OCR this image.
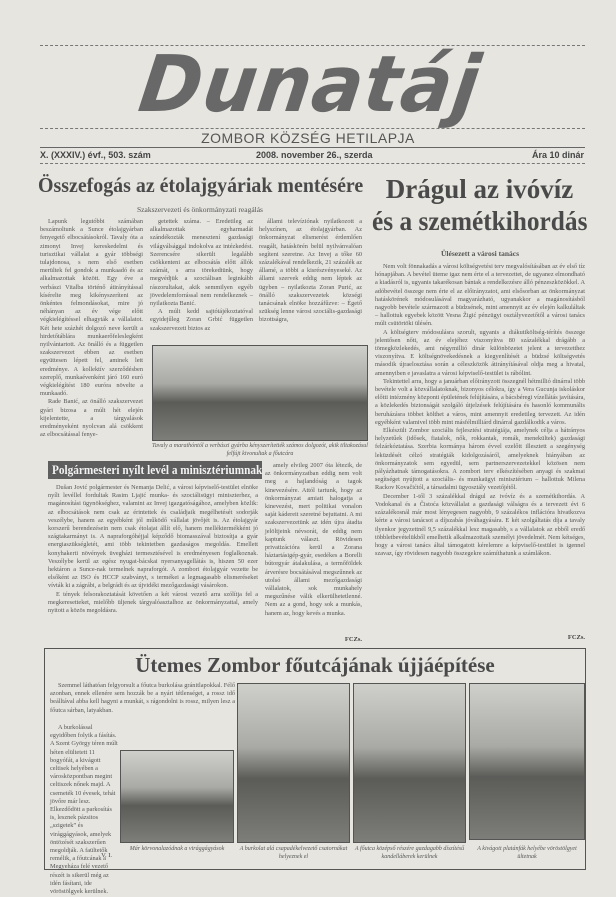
Dunatáj
ZOMBOR KÖZSÉG HETILAPJA
X. (XXXIV.) évf., 503. szám	2008. november 26., szerda	Ára 10 dinár
Összefogás az étolajgyáriak mentésére
Szakszervezeti és önkormányzati reagálás

Lapunk legutóbbi számában beszámoltunk a Sunce étolajgyárban fenyegető elbocsátásokról. Tavaly óta a zimonyi Invej kereskedelmi és turisztikai vállalat a gyár többségi tulajdonosa, s nem első esetben merültek fel gondok a munkaadó és az alkalmazottak között. Egy éve a verbászi Vitalba történő átirányítással kísérelte meg kikényszeríteni az önkéntes felmondásokat, mire jó néhányan az év vége előtt végkielégítéssel elhagyták a vállalatot. Két hete százhét dolgozó neve került a hirdetőtáblára munkaerőfeleslegként nyilvántartott. Az önálló és a független szakszervezet ebben az esetben együttesen lépett fel, aminek lett eredménye. A kollektív szerződésben szereplő, munkaévenként járó 160 euró végkielégítést 180 euróra növelte a munkaadó.

Rade Banić, az önálló szakszervezet gyári bizosa a múlt hét elején kijelentette, a tárgyalások eredményeként nyolcvan alá csökkent az elbocsátással fenye-

getettek száma. – Eredetileg az alkalmazottak egyharmadát szándékozták menesztení gazdasági világválsággal indokolva az intézkedést. Szerencsére sikerült legalább csökkenteni az elbocsátás előtt állók számát, s arra törekedtünk, hogy megvédjük a szociálisan leginkább rászorultakat, akik semmilyen egyéb jövedelemforrással nem rendelkeznek – nyilatkozta Banić.

A múlt kedd sajtótájékoztatóval egyidejűleg Zoran Grbić független szakszervezeti biztos az

állami televíziónak nyilatkozott a helyszínen, az étolajgyárban. Az önkormányzat elismerést érdemlően reagált, hatáskörén belül nyilvánvalóan segíteni szeretne. Az Invej a tőke 60 százalékával rendelkezik, 21 százalék az államé, a többi a kisrészvényeseké. Az állami szervek eddig nem léptek az ügyben – nyilatkozta Zoran Purić, az önálló szakszervezetek községi tanácsának elnöke hozzáfűzve: – Égető szükség lenne városi szociális-gazdasági bizottságra,

Tavaly a marathóntól a verbászi gyárba kényszerítették számos dolgozót, akik tiltakozásul felfújt kivonultak a főutcára
Polgármesteri nyílt levél a minisztériumnak

Dušan Jović polgármester és Nemanja Delić, a városi képviselő-testület elnöke nyílt levéllel fordultak Rasim Ljajić munka- és szociálisügyi miniszterhez, a magánosítási ügynökséghez, valamint az Invej igazgatóságához, amelyben közlik: az elbocsátások nem csak az érintettek és családjaik megélhetését sodorják veszélybe, hanem az egyébként jól működő vállalat jövőjét is. Az étolajgyár korszerű berendezésein nem csak étolajat állít elő, hanem melléktermékként jó szágtakarmányt is. A napraforgóhéjjal képződő biomasszával biztosítja a gyár energiaszükségletét, ami több tekintetben gazdaságos megoldás. Emellett konyhakerti növények üvegházi termesztésével is eredményesen foglalkoznak. Veszélybe kerül az egész nyugat-bácskai nyersanyagellátás is, hiszen 50 ezer hektáron a Sunce-nak termelnek napraforgót. A zombori étolajgyár vezette be elsőként az ISO és HCCP szabványt, s termékei a legmagasabb elismeréseket vívták ki a zágrábi, a belgrádi és az újvidéki mezőgazdasági vásárokon.

E tények felsorakoztatását követően a két városi vezető arra szólítja fel a megkeresetteket, mielőbb üljenek tárgyalóasztalhoz az önkormányzattal, amely nyitott a közös megoldásra.

amely elvileg 2007 óta létezik, de az önkormányzatban eddig nem volt meg a hajlandóság a tagok kinevezésére. Attól tartunk, hogy az önkormányzat amiatt halogatja a kinevezést, mert politikai vonalon saját kádereit szeretné bejuttatni. A mi szakszervezetünk az idén újra átadta jelöltjeink névsorát, de eddig nem kaptunk választ. Rövidesen privatizációra kerül a Zorana háztartásigép-gyár, esedékes a Borelli bútorgyár átalakulása, a termőföldek árverésre bocsátásával megszűnnek az utolsó állami mezőgazdasági vállalatok, sok munkahely megszűnése válik elkerülhetetlenné. Nem az a gond, hogy sok a munkás, hanem az, hogy kevés a munka.

FCZs.
Drágul az ivóvíz
és a szemétkihordás
Ülésezett a városi tanács

Nem volt fönnakadás a városi költségvetési terv megvalósításában az év első tíz hónapjában. A bevétel üteme igaz nem érte el a tervezettet, de ugyanez elmondható a kiadásról is, ugyanis takarékosan bántak a rendelkezésre álló pénzeszközökkel. A adóbevétel összege nem érte el az előirányzatot, ami elsősorban az önkormányzat hatáskörének módosulásával magyarázható, ugyanakkor a magánosításból nagyobb bevétele származott a büdzsének, mint amennyit az év elején kalkuláltak – hallottuk egyebek között Vesna Žigić pénzügyi osztályvezetőtől a városi tanács múlt csütörtöki ülésén.

A költségterv módosulásra szorult, ugyanis a diákutiköltség-térítés összege jelentősen nőtt, az év elejéhez viszonyítva 80 százalékkal drágább a tömegközlekedés, ami négymillió dinár különbözetet jelent a tervezetthez viszonyítva. E költségnövekedésnek a kiegyenlítését a büdzsé költségvetés második újraelosztása során a céleszközök átirányításával oldja meg a hivatal, amennyiben e javaslatra a városi képviselő-testület is rábólint.

Tekintettel arra, hogy a januárban előirányzott összegnél hétmillió dinárral több bevétele volt a közvállalatoknak, bizonyos célokra, így a Vera Gucunja iskoláskor előtti intézmény központi épületének felújítására, a bácsbéregi vízellátás javítására, a közlekedés biztonságát szolgáló útjelzések felújítására és hasonló kommunális beruházásra többet költhet a város, mint amennyit eredetileg tervezett. Az idén egyébként valamivel több mint másfélmilliárd dinárral gazdálkodik a város.

Elkészült Zombor szociális fejlesztési stratégiája, amelynek célja a hátrányos helyzetűek (idősek, fiatalok, nők, rokkantak, romák, menekültek) gazdasági felzárkóztatása. Szerbia kormánya három évvel ezelőtt illesztett a szegénység leküzdését célzó stratégiák kidolgozásáról, amelyeknek hiányában az önkormányzatok sem egyedül, sem partnerszervezetekkel közösen nem pályázhatnak támogatásokra. A zombori terv elkészítésében anyagi és szakmai segítséget nyújtott a szociális- és munkaügyi minisztérium – hallottuk Milena Rackov Kovačićtól, a társadalmi ügyosztály vezetőjétől.

December 1-től 3 százalékkal drágul az ivóvíz és a szemétkihordás. A Vodokanal és a Čistoća közvállalat a gazdasági válságra és a tervezett évi 6 százalékosnál már most lényegesen nagyobb, 9 százalékos inflációra hivatkozva kérte a városi tanácsot a díjszabás jóváhagyására. E két szolgáltatás díja a tavaly ilyenkor jegyzettnél 9,5 százalékkal lesz magasabb, s a vállalatok az ebből eredő többletbevételükből emelhetik alkalmazottaik személyi jövedelmét. Nem kétséges, hogy a városi tanács által támogatott kérelemre a képviselő-testület is igennel szavaz, így rövidesen nagyobb összegekre számíthatunk a számlákon.

FCZs.
Ütemes Zombor főutcájának újjáépítése

Szemmel láthatóan felgyorsult a főutca burkolása gránitlapokkal. Félő azonban, ennek ellenére sem hozzák be a nyári tétlenséget, a rossz idő beálltával abba kell hagyni a munkát, s rágondolni is rossz, milyen lesz a főutca sárban, latyakban.

A burkolással egyidőben folyik a fásítás. A Szent György téren múlt héten elültetett 11 bogyófát, a kivágott celtisek helyében a városközpontban megint celtiszek nőnek majd. A csemeték 10 évesek, tehát jövőre már lesz. Elkezdődött a parkosítás is, lesznek pázsitos „szigetek” és virággágyások, amelyek öntözését szakszerűen megoldják. A faültetők remélik, a főutcának a Megyeháza felé vezető részét is sikerül még az idén fásítani, ide vöröstölgyek kerülnek.

V. I.
Már körvonalazódnak a virággágyások	A burkolat alá csapadékelvezető csatornákat helyeznek el
A főutca középső részére gazdagabb díszítésű kandelláberek kerülnek
A kivágott platánfák helyébe vöröstölgyet ültetnak
